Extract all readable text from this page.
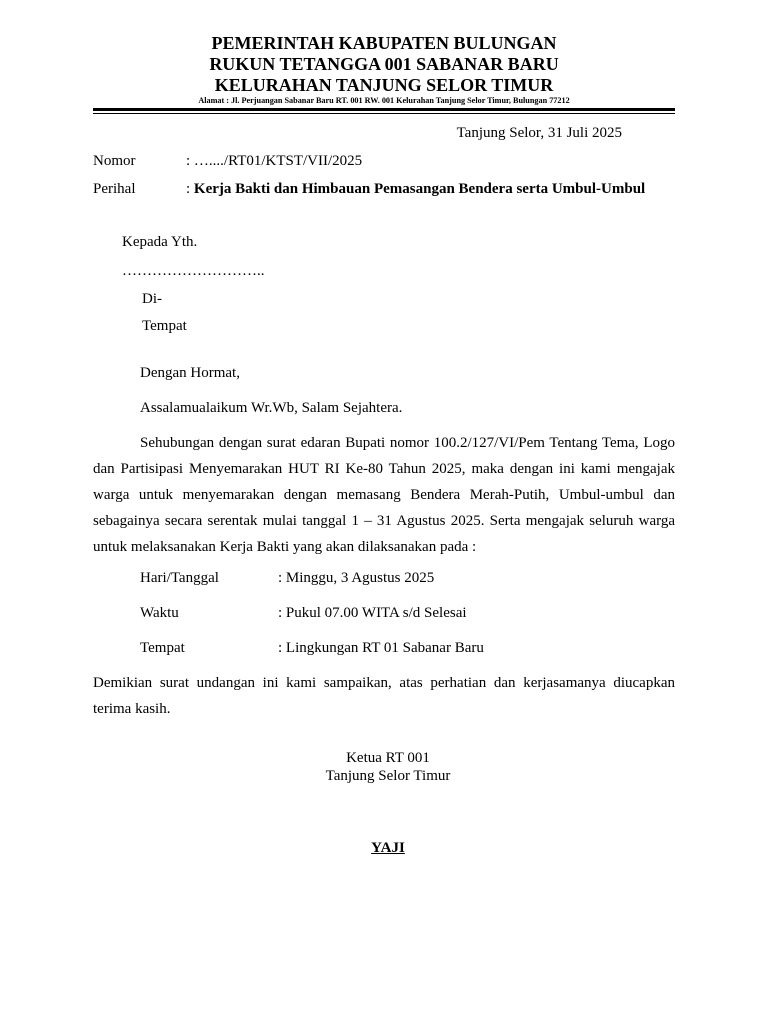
PEMERINTAH KABUPATEN BULUNGAN
RUKUN TETANGGA 001 SABANAR BARU
KELURAHAN TANJUNG SELOR TIMUR
Alamat : Jl. Perjuangan Sabanar Baru RT. 001 RW. 001 Kelurahan Tanjung Selor Timur, Bulungan 77212
Tanjung Selor, 31 Juli 2025
Nomor	: …..../RT01/KTST/VII/2025
Perihal	: Kerja Bakti dan Himbauan Pemasangan Bendera serta Umbul-Umbul
Kepada Yth.
………………………..
Di-
Tempat
Dengan Hormat,
Assalamualaikum Wr.Wb, Salam Sejahtera.

Sehubungan dengan surat edaran Bupati nomor 100.2/127/VI/Pem Tentang Tema, Logo dan Partisipasi Menyemarakan HUT RI Ke-80 Tahun 2025, maka dengan ini kami mengajak warga untuk menyemarakan dengan memasang Bendera Merah-Putih, Umbul-umbul dan sebagainya secara serentak mulai tanggal 1 – 31 Agustus 2025. Serta mengajak seluruh warga untuk melaksanakan Kerja Bakti yang akan dilaksanakan pada :

Hari/Tanggal	: Minggu, 3 Agustus 2025
Waktu	: Pukul 07.00 WITA s/d Selesai
Tempat	: Lingkungan RT 01 Sabanar Baru

Demikian surat undangan ini kami sampaikan, atas perhatian dan kerjasamanya diucapkan terima kasih.

Ketua RT 001
Tanjung Selor Timur
YAJI
